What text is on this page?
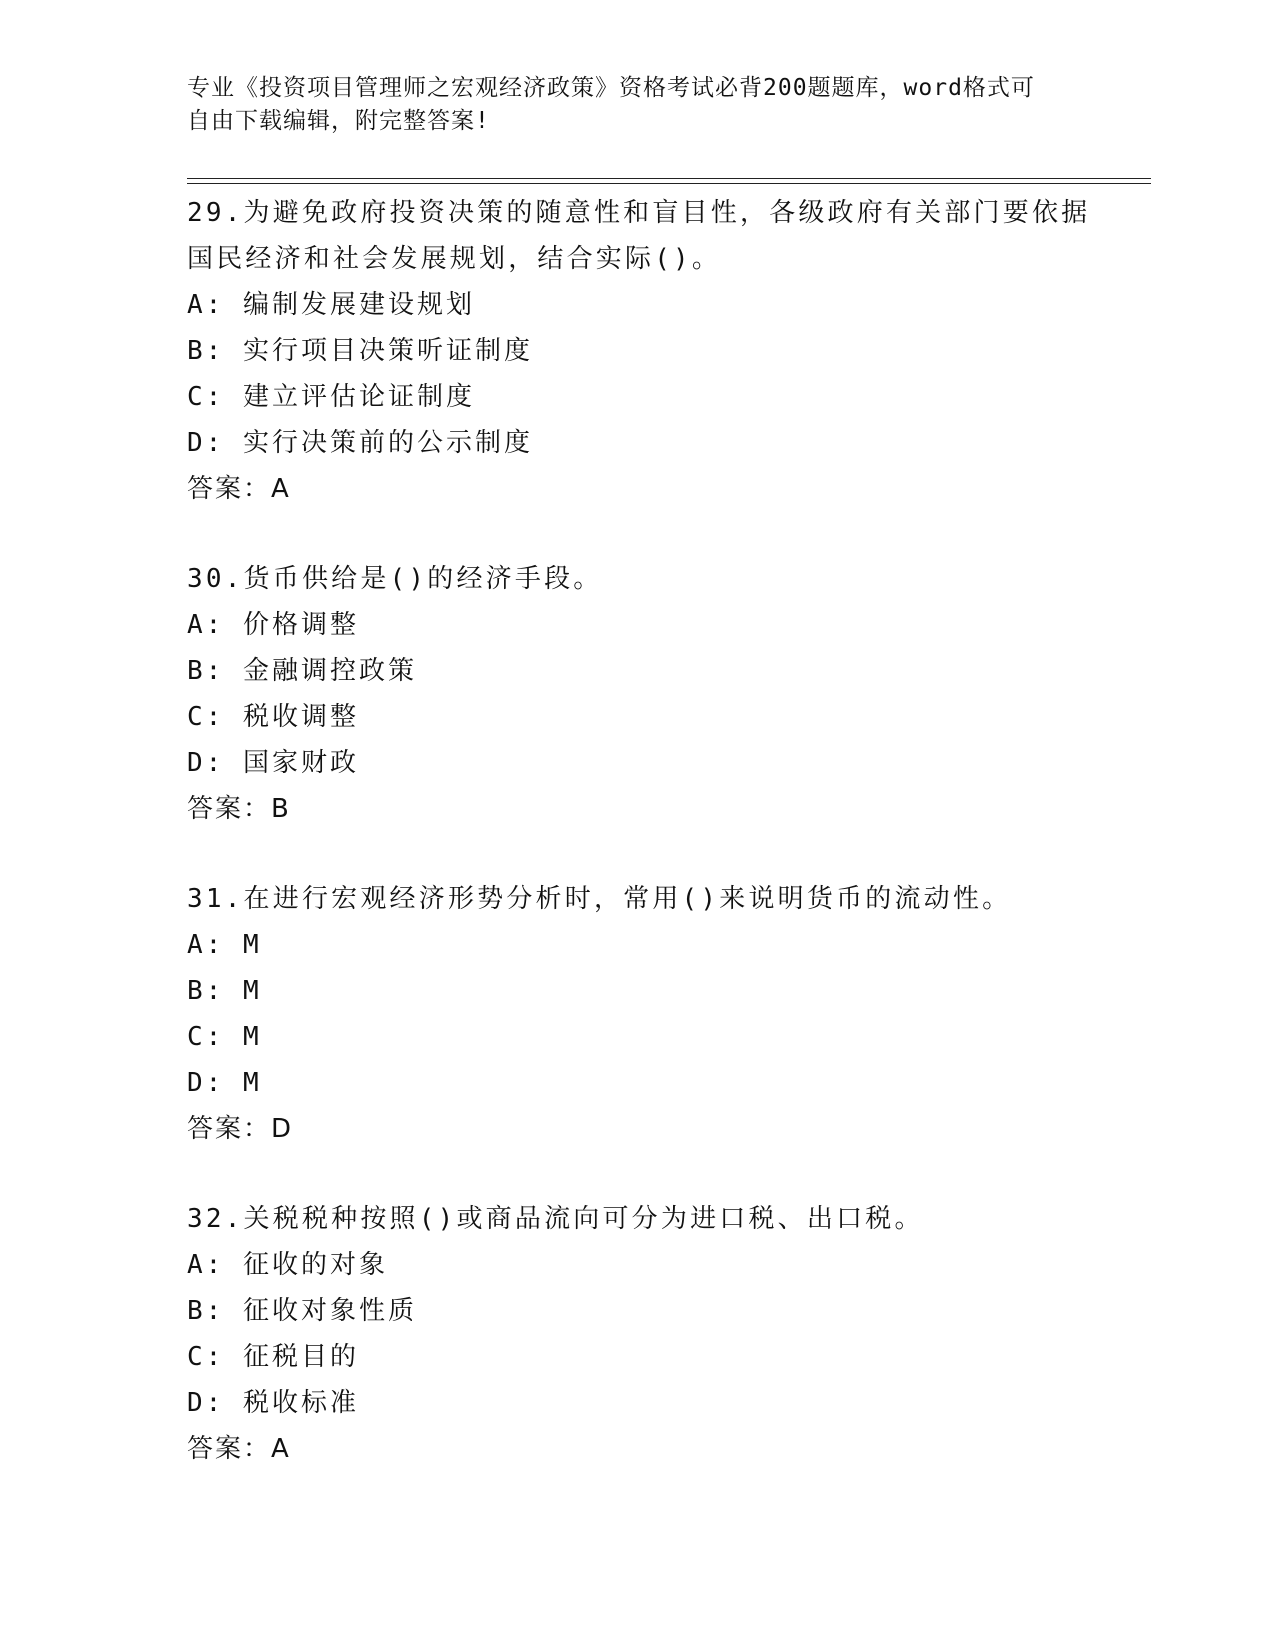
专业《投资项目管理师之宏观经济政策》资格考试必背200题题库，word格式可
自由下载编辑，附完整答案!
29.为避免政府投资决策的随意性和盲目性，各级政府有关部门要依据
国民经济和社会发展规划，结合实际()。
A: 编制发展建设规划
B: 实行项目决策听证制度
C: 建立评估论证制度
D: 实行决策前的公示制度
答案：A
30.货币供给是()的经济手段。
A: 价格调整
B: 金融调控政策
C: 税收调整
D: 国家财政
答案：B
31.在进行宏观经济形势分析时，常用()来说明货币的流动性。
A: M
B: M
C: M
D: M
答案：D
32.关税税种按照()或商品流向可分为进口税、出口税。
A: 征收的对象
B: 征收对象性质
C: 征税目的
D: 税收标准
答案：A
